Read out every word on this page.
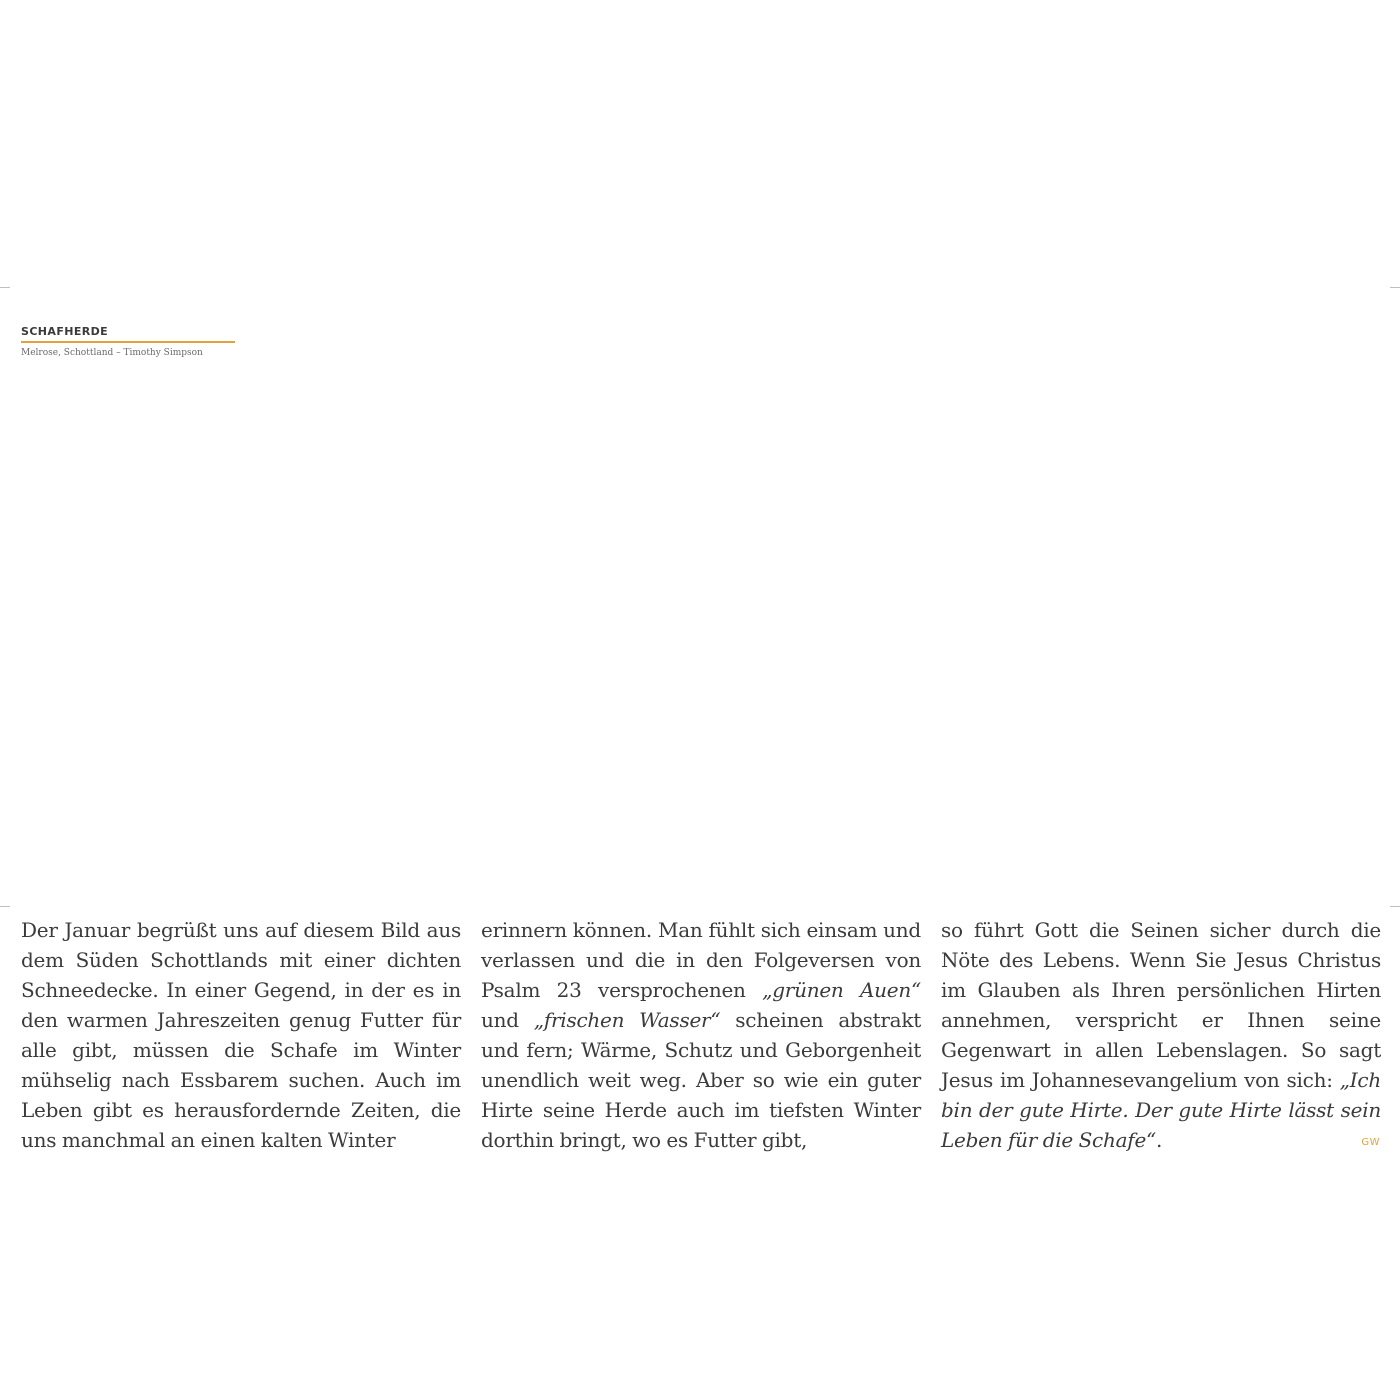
SCHAFHERDE

Melrose, Schottland – Timothy Simpson

Der Januar begrüßt uns auf diesem Bild aus dem Süden Schottlands mit einer dichten Schneedecke. In einer Gegend, in der es in den warmen Jahreszeiten genug Futter für alle gibt, müssen die Schafe im Winter mühselig nach Essbarem suchen. Auch im Leben gibt es herausfordernde Zeiten, die uns manchmal an einen kalten Winter

erinnern können. Man fühlt sich einsam und verlassen und die in den Folgeversen von Psalm 23 versprochenen „grünen Auen“ und „frischen Wasser“ scheinen abstrakt und fern; Wärme, Schutz und Geborgenheit unendlich weit weg. Aber so wie ein guter Hirte seine Herde auch im tiefsten Winter dorthin bringt, wo es Futter gibt,

so führt Gott die Seinen sicher durch die Nöte des Lebens. Wenn Sie Jesus Christus im Glauben als Ihren persönlichen Hirten annehmen, verspricht er Ihnen seine Gegenwart in allen Lebenslagen. So sagt Jesus im Johannesevangelium von sich: „Ich bin der gute Hirte. Der gute Hirte lässt sein Leben für die Schafe“.	GW
